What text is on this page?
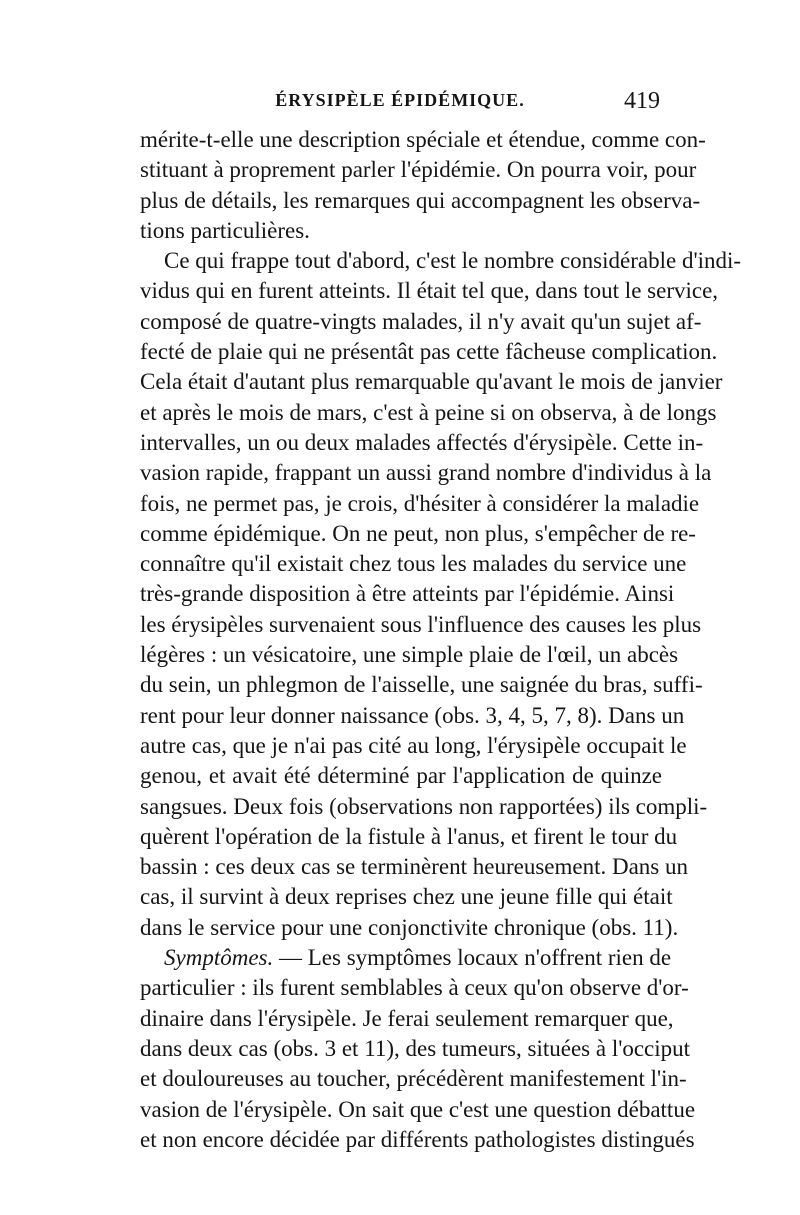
ÉRYSIPÈLE ÉPIDÉMIQUE.	419
mérite-t-elle une description spéciale et étendue, comme con-
stituant à proprement parler l'épidémie. On pourra voir, pour
plus de détails, les remarques qui accompagnent les observa-
tions particulières.
Ce qui frappe tout d'abord, c'est le nombre considérable d'indi-
vidus qui en furent atteints. Il était tel que, dans tout le service,
composé de quatre-vingts malades, il n'y avait qu'un sujet af-
fecté de plaie qui ne présentât pas cette fâcheuse complication.
Cela était d'autant plus remarquable qu'avant le mois de janvier
et après le mois de mars, c'est à peine si on observa, à de longs
intervalles, un ou deux malades affectés d'érysipèle. Cette in-
vasion rapide, frappant un aussi grand nombre d'individus à la
fois, ne permet pas, je crois, d'hésiter à considérer la maladie
comme épidémique. On ne peut, non plus, s'empêcher de re-
connaître qu'il existait chez tous les malades du service une
très-grande disposition à être atteints par l'épidémie. Ainsi
les érysipèles survenaient sous l'influence des causes les plus
légères : un vésicatoire, une simple plaie de l'œil, un abcès
du sein, un phlegmon de l'aisselle, une saignée du bras, suffi-
rent pour leur donner naissance (obs. 3, 4, 5, 7, 8). Dans un
autre cas, que je n'ai pas cité au long, l'érysipèle occupait le
genou, et avait été déterminé par l'application de quinze
sangsues. Deux fois (observations non rapportées) ils compli-
quèrent l'opération de la fistule à l'anus, et firent le tour du
bassin : ces deux cas se terminèrent heureusement. Dans un
cas, il survint à deux reprises chez une jeune fille qui était
dans le service pour une conjonctivite chronique (obs. 11).
Symptômes. — Les symptômes locaux n'offrent rien de
particulier : ils furent semblables à ceux qu'on observe d'or-
dinaire dans l'érysipèle. Je ferai seulement remarquer que,
dans deux cas (obs. 3 et 11), des tumeurs, situées à l'occiput
et douloureuses au toucher, précédèrent manifestement l'in-
vasion de l'érysipèle. On sait que c'est une question débattue
et non encore décidée par différents pathologistes distingués
